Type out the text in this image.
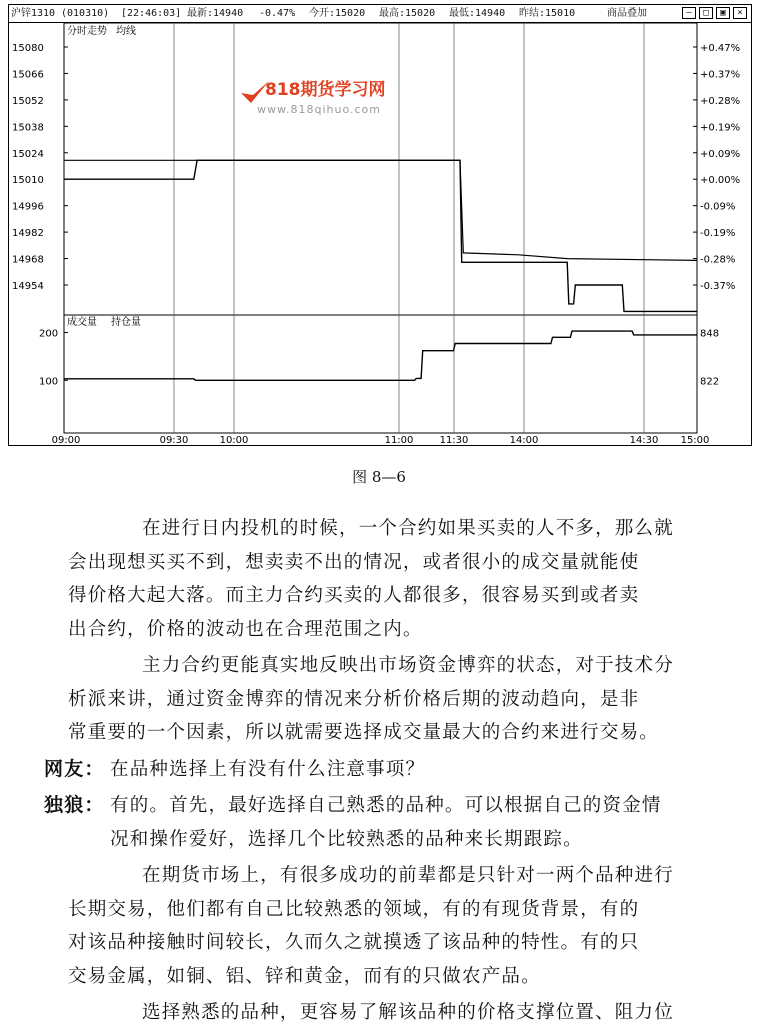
沪锌1310 (010310) [22:46:03] 最新:14940 -0.47% 今开:15020 最高:15020 最低:14940 昨结:15010	商品叠加	–	□	▣	×
15080	+0.47%
15066	+0.37%
15052	+0.28%
15038	+0.19%
15024	+0.09%
15010	+0.00%
14996	-0.09%
14982	-0.19%
14968	-0.28%
14954	-0.37%
09:00	09:30	10:00	11:00	11:30	14:00	14:30 15:00
200	848
100	822
分时走势 均线
成交量 持仓量
818期货学习网
www.818qihuo.com
图 8—6
在进行日内投机的时候，一个合约如果买卖的人不多，那么就
会出现想买买不到，想卖卖不出的情况，或者很小的成交量就能使
得价格大起大落。而主力合约买卖的人都很多，很容易买到或者卖
出合约，价格的波动也在合理范围之内。
主力合约更能真实地反映出市场资金博弈的状态，对于技术分
析派来讲，通过资金博弈的情况来分析价格后期的波动趋向，是非
常重要的一个因素，所以就需要选择成交量最大的合约来进行交易。
网友： 在品种选择上有没有什么注意事项？
独狼： 有的。首先，最好选择自己熟悉的品种。可以根据自己的资金情
况和操作爱好，选择几个比较熟悉的品种来长期跟踪。
在期货市场上，有很多成功的前辈都是只针对一两个品种进行
长期交易，他们都有自己比较熟悉的领域，有的有现货背景，有的
对该品种接触时间较长，久而久之就摸透了该品种的特性。有的只
交易金属，如铜、铝、锌和黄金，而有的只做农产品。
选择熟悉的品种，更容易了解该品种的价格支撑位置、阻力位
